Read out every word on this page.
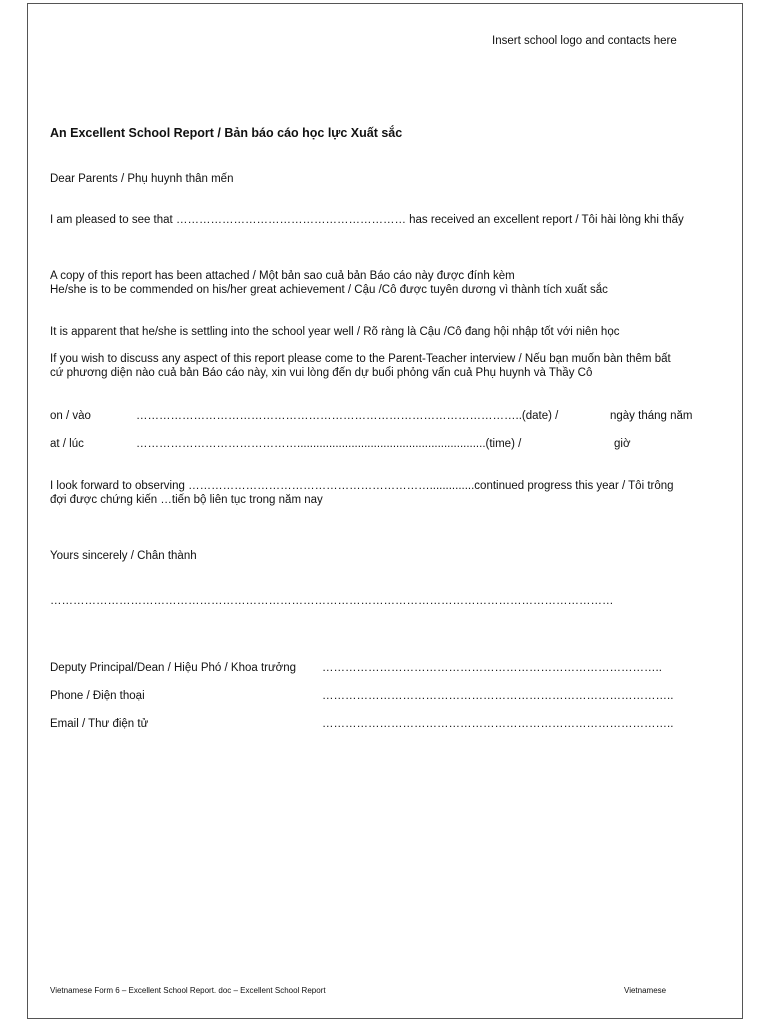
Insert school logo and contacts here
An Excellent School Report / Bản báo cáo học lực Xuất sắc
Dear Parents / Phụ huynh thân mến
I am pleased to see that …………………………………………………… has received an excellent report / Tôi hài lòng khi thấy
A copy of this report has been attached / Một bản sao cuả bản Báo cáo này được đính kèm
He/she is to be commended on his/her great achievement / Cậu /Cô được tuyên dương vì thành tích xuất sắc
It is apparent that he/she is settling into the school year well / Rõ ràng là Cậu /Cô đang hội nhập tốt với niên học
If you wish to discuss any aspect of this report please come to the Parent-Teacher interview / Nếu bạn muốn bàn thêm bất
cứ phương diện nào cuả bản Báo cáo này, xin vui lòng đến dự buổi phỏng vấn cuả Phụ huynh và Thầy Cô
on / vào	………………………………………………………………………………………..(date) /	ngày tháng năm
at / lúc	……………………………………...........................................................(time) /	giờ
I look forward to observing ………………………………………………………..............continued progress this year / Tôi trông
đợi được chứng kiến …tiến bộ liên tục trong năm nay
Yours sincerely / Chân thành
…………………………………………………………………………………………………………………………………
Deputy Principal/Dean / Hiệu Phó / Khoa trưởng ……………………………………………………………………………..
Phone / Điện thoại	………………………………………………………………………………..
Email / Thư điện tử	………………………………………………………………………………..
Vietnamese Form 6 – Excellent School Report. doc – Excellent School Report	Vietnamese
